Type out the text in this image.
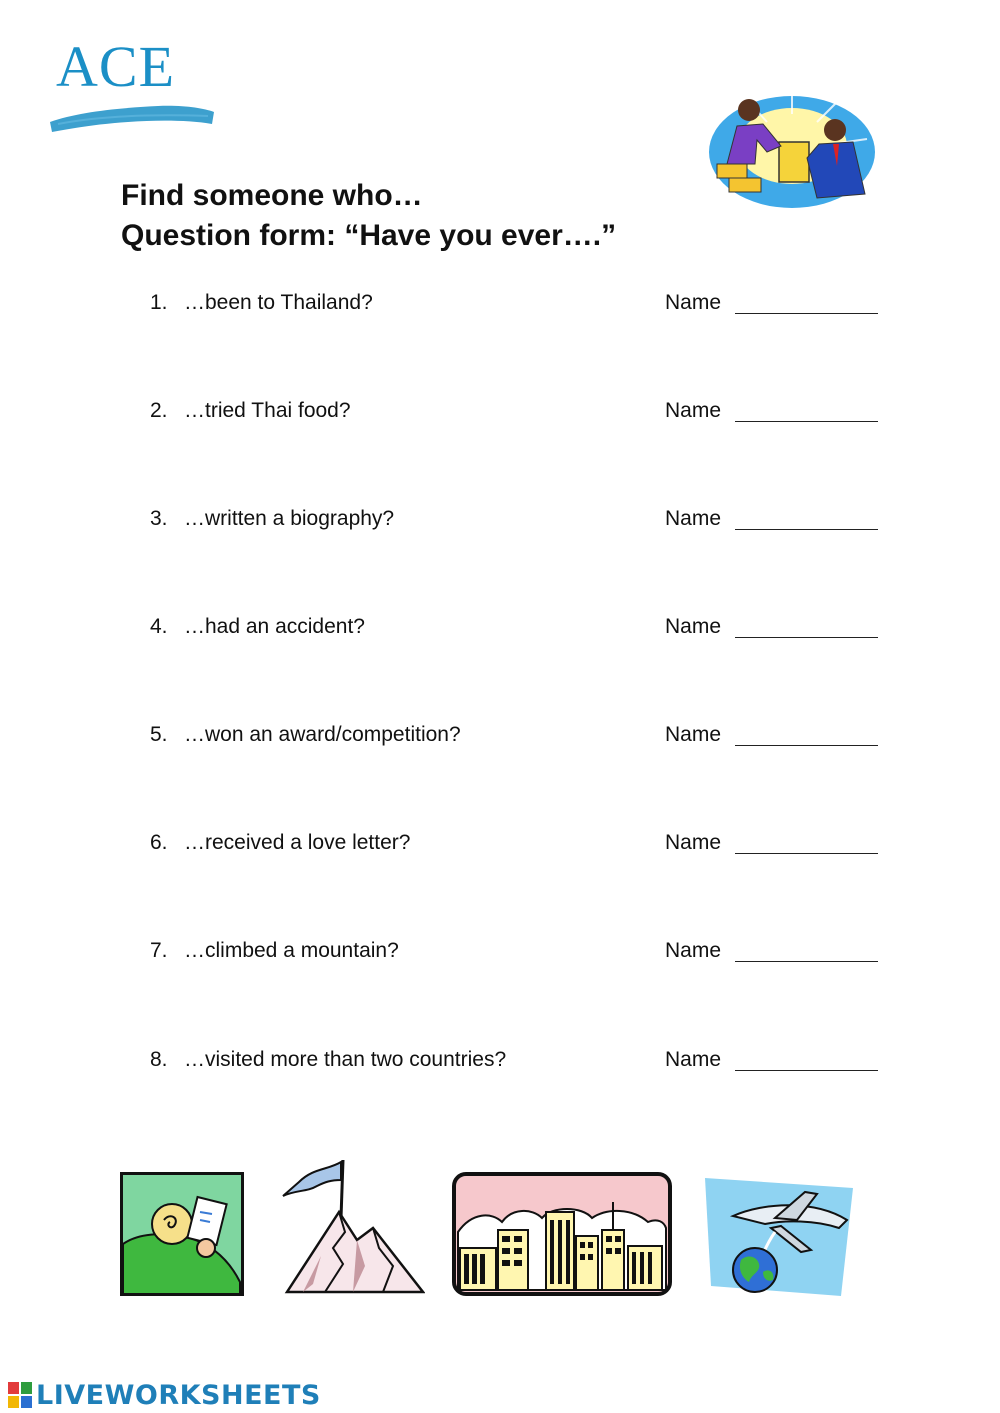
ACE
Find someone who…
Question form: “Have you ever….”
1. …been to Thailand?	Name
2. …tried Thai food?	Name
3. …written a biography?	Name
4. …had an accident?	Name
5. …won an award/competition?	Name
6. …received a love letter?	Name
7. …climbed a mountain?	Name
8. …visited more than two countries?	Name
LIVEWORKSHEETS
